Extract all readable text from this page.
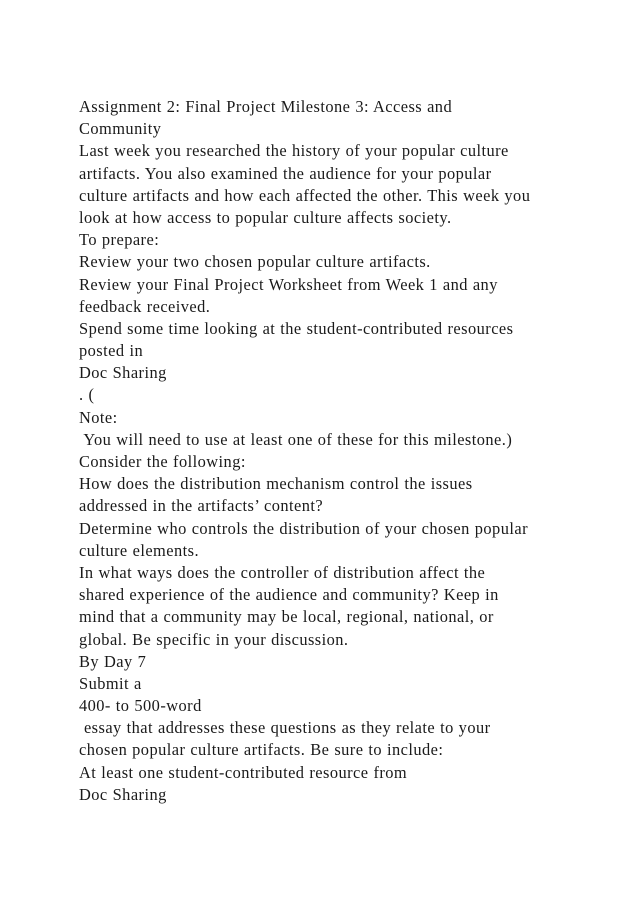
Assignment 2: Final Project Milestone 3: Access and
Community
Last week you researched the history of your popular culture
artifacts. You also examined the audience for your popular
culture artifacts and how each affected the other. This week you
look at how access to popular culture affects society.
To prepare:
Review your two chosen popular culture artifacts.
Review your Final Project Worksheet from Week 1 and any
feedback received.
Spend some time looking at the student-contributed resources
posted in
Doc Sharing
. (
Note:
You will need to use at least one of these for this milestone.)
Consider the following:
How does the distribution mechanism control the issues
addressed in the artifacts’ content?
Determine who controls the distribution of your chosen popular
culture elements.
In what ways does the controller of distribution affect the
shared experience of the audience and community? Keep in
mind that a community may be local, regional, national, or
global. Be specific in your discussion.
By Day 7
Submit a
400- to 500-word
essay that addresses these questions as they relate to your
chosen popular culture artifacts. Be sure to include:
At least one student-contributed resource from
Doc Sharing
